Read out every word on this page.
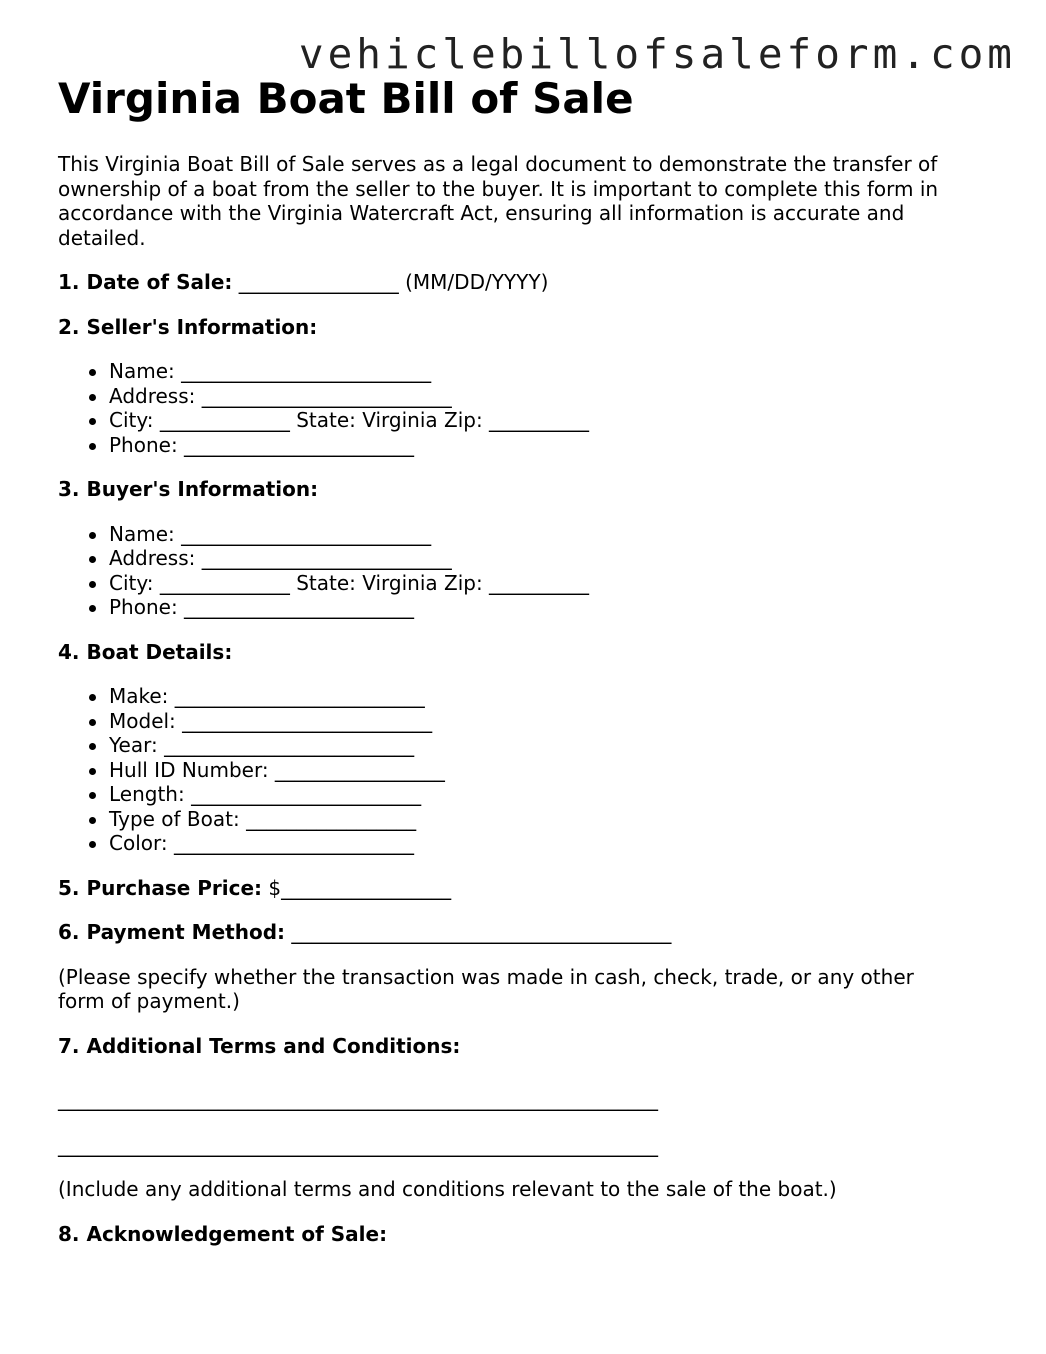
vehiclebillofsaleform.com
Virginia Boat Bill of Sale

This Virginia Boat Bill of Sale serves as a legal document to demonstrate the transfer of ownership of a boat from the seller to the buyer. It is important to complete this form in accordance with the Virginia Watercraft Act, ensuring all information is accurate and detailed.

1. Date of Sale: ________________ (MM/DD/YYYY)

2. Seller's Information:

Name: _________________________
Address: _________________________
City: _____________ State: Virginia Zip: __________
Phone: _______________________

3. Buyer's Information:

Name: _________________________
Address: _________________________
City: _____________ State: Virginia Zip: __________
Phone: _______________________

4. Boat Details:

Make: _________________________
Model: _________________________
Year: _________________________
Hull ID Number: _________________
Length: _______________________
Type of Boat: _________________
Color: ________________________

5. Purchase Price: $_________________

6. Payment Method: ______________________________________

(Please specify whether the transaction was made in cash, check, trade, or any other form of payment.)

7. Additional Terms and Conditions:

____________________________________________________________

____________________________________________________________

(Include any additional terms and conditions relevant to the sale of the boat.)

8. Acknowledgement of Sale:
